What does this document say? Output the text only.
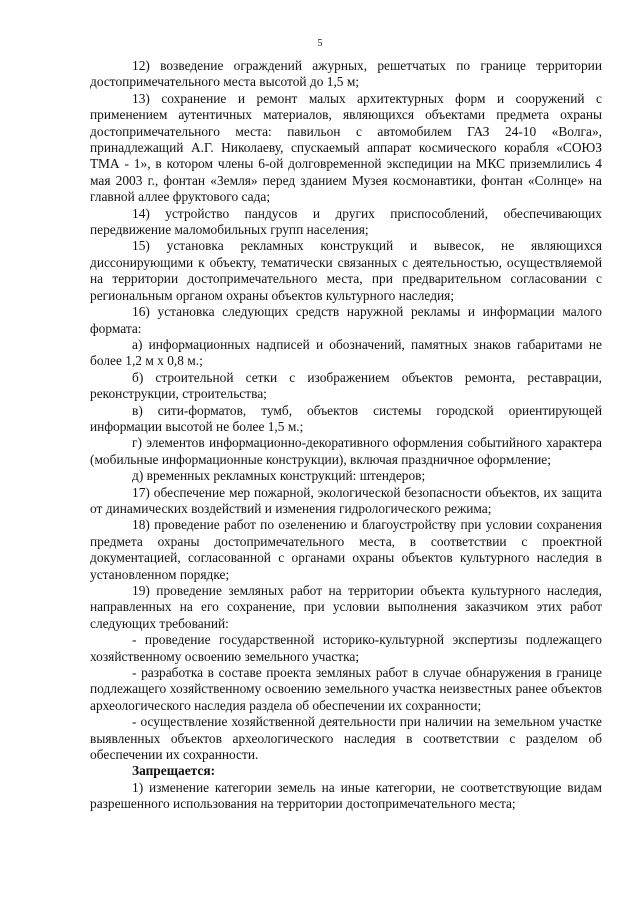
5

12) возведение ограждений ажурных, решетчатых по границе территории достопримечательного места высотой до 1,5 м;

13) сохранение и ремонт малых архитектурных форм и сооружений с применением аутентичных материалов, являющихся объектами предмета охраны достопримечательного места: павильон с автомобилем ГАЗ 24-10 «Волга», принадлежащий А.Г. Николаеву, спускаемый аппарат космического корабля «СОЮЗ ТМА - 1», в котором члены 6-ой долговременной экспедиции на МКС приземлились 4 мая 2003 г., фонтан «Земля» перед зданием Музея космонавтики, фонтан «Солнце» на главной аллее фруктового сада;

14) устройство пандусов и других приспособлений, обеспечивающих передвижение маломобильных групп населения;

15) установка рекламных конструкций и вывесок, не являющихся диссонирующими к объекту, тематически связанных с деятельностью, осуществляемой на территории достопримечательного места, при предварительном согласовании с региональным органом охраны объектов культурного наследия;

16) установка следующих средств наружной рекламы и информации малого формата:

а) информационных надписей и обозначений, памятных знаков габаритами не более 1,2 м х 0,8 м.;

б) строительной сетки с изображением объектов ремонта, реставрации, реконструкции, строительства;

в) сити-форматов, тумб, объектов системы городской ориентирующей информации высотой не более 1,5 м.;

г) элементов информационно-декоративного оформления событийного характера (мобильные информационные конструкции), включая праздничное оформление;

д) временных рекламных конструкций: штендеров;

17) обеспечение мер пожарной, экологической безопасности объектов, их защита от динамических воздействий и изменения гидрологического режима;

18) проведение работ по озеленению и благоустройству при условии сохранения предмета охраны достопримечательного места, в соответствии с проектной документацией, согласованной с органами охраны объектов культурного наследия в установленном порядке;

19) проведение земляных работ на территории объекта культурного наследия, направленных на его сохранение, при условии выполнения заказчиком этих работ следующих требований:

- проведение государственной историко-культурной экспертизы подлежащего хозяйственному освоению земельного участка;

- разработка в составе проекта земляных работ в случае обнаружения в границе подлежащего хозяйственному освоению земельного участка неизвестных ранее объектов археологического наследия раздела об обеспечении их сохранности;

- осуществление хозяйственной деятельности при наличии на земельном участке выявленных объектов археологического наследия в соответствии с разделом об обеспечении их сохранности.

Запрещается:

1) изменение категории земель на иные категории, не соответствующие видам разрешенного использования на территории достопримечательного места;
